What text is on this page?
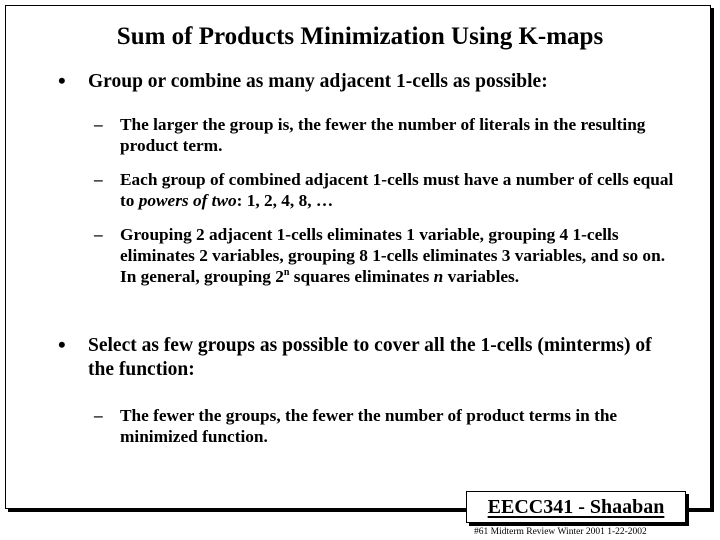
Sum of Products Minimization Using K-maps
•	Group or combine as many adjacent 1-cells as possible:
–	The larger the group is, the fewer the number of literals in the resulting product term.
–	Each group of combined adjacent 1-cells must have a number of cells equal to powers of two: 1, 2, 4, 8, …
–	Grouping 2 adjacent 1-cells eliminates 1 variable, grouping 4 1-cells eliminates 2 variables, grouping 8 1-cells eliminates 3 variables, and so on. In general, grouping 2$^n$ squares eliminates n variables.
•	Select as few groups as possible to cover all the 1-cells (minterms) of the function:
–	The fewer the groups, the fewer the number of product terms in the minimized function.
EECC341 - Shaaban
#61 Midterm Review Winter 2001 1-22-2002
